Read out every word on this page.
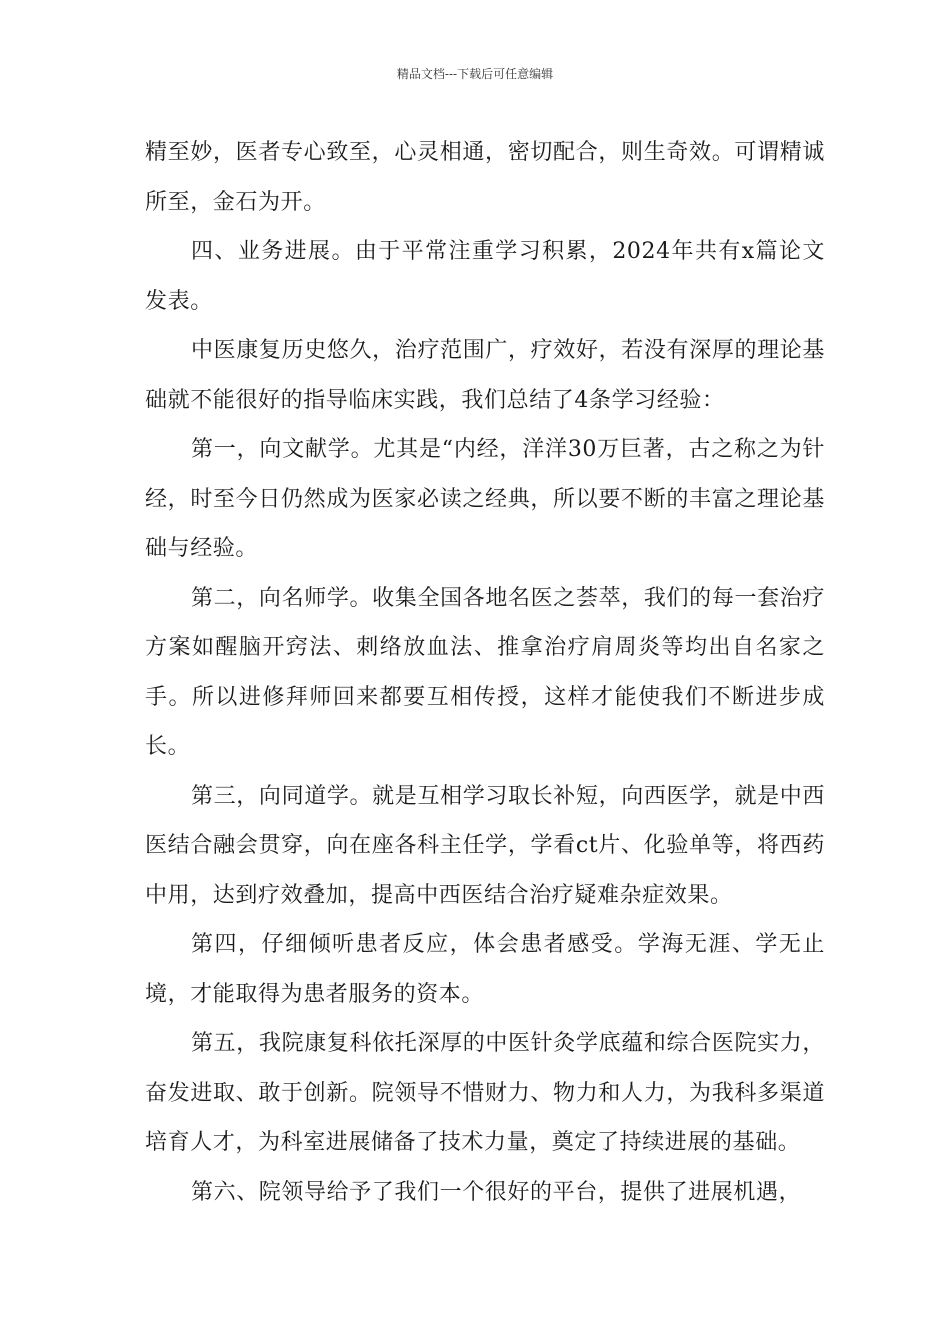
精品文档---下载后可任意编辑

精至妙，医者专心致至，心灵相通，密切配合，则生奇效。可谓精诚所至，金石为开。

四、业务进展。由于平常注重学习积累，2024年共有x篇论文发表。

中医康复历史悠久，治疗范围广，疗效好，若没有深厚的理论基础就不能很好的指导临床实践，我们总结了4条学习经验：

第一，向文献学。尤其是“内经，洋洋30万巨著，古之称之为针经，时至今日仍然成为医家必读之经典，所以要不断的丰富之理论基础与经验。

第二，向名师学。收集全国各地名医之荟萃，我们的每一套治疗方案如醒脑开窍法、刺络放血法、推拿治疗肩周炎等均出自名家之手。所以进修拜师回来都要互相传授，这样才能使我们不断进步成长。

第三，向同道学。就是互相学习取长补短，向西医学，就是中西医结合融会贯穿，向在座各科主任学，学看ct片、化验单等，将西药中用，达到疗效叠加，提高中西医结合治疗疑难杂症效果。

第四，仔细倾听患者反应，体会患者感受。学海无涯、学无止境，才能取得为患者服务的资本。

第五，我院康复科依托深厚的中医针灸学底蕴和综合医院实力，奋发进取、敢于创新。院领导不惜财力、物力和人力，为我科多渠道培育人才，为科室进展储备了技术力量，奠定了持续进展的基础。

第六、院领导给予了我们一个很好的平台，提供了进展机遇，
